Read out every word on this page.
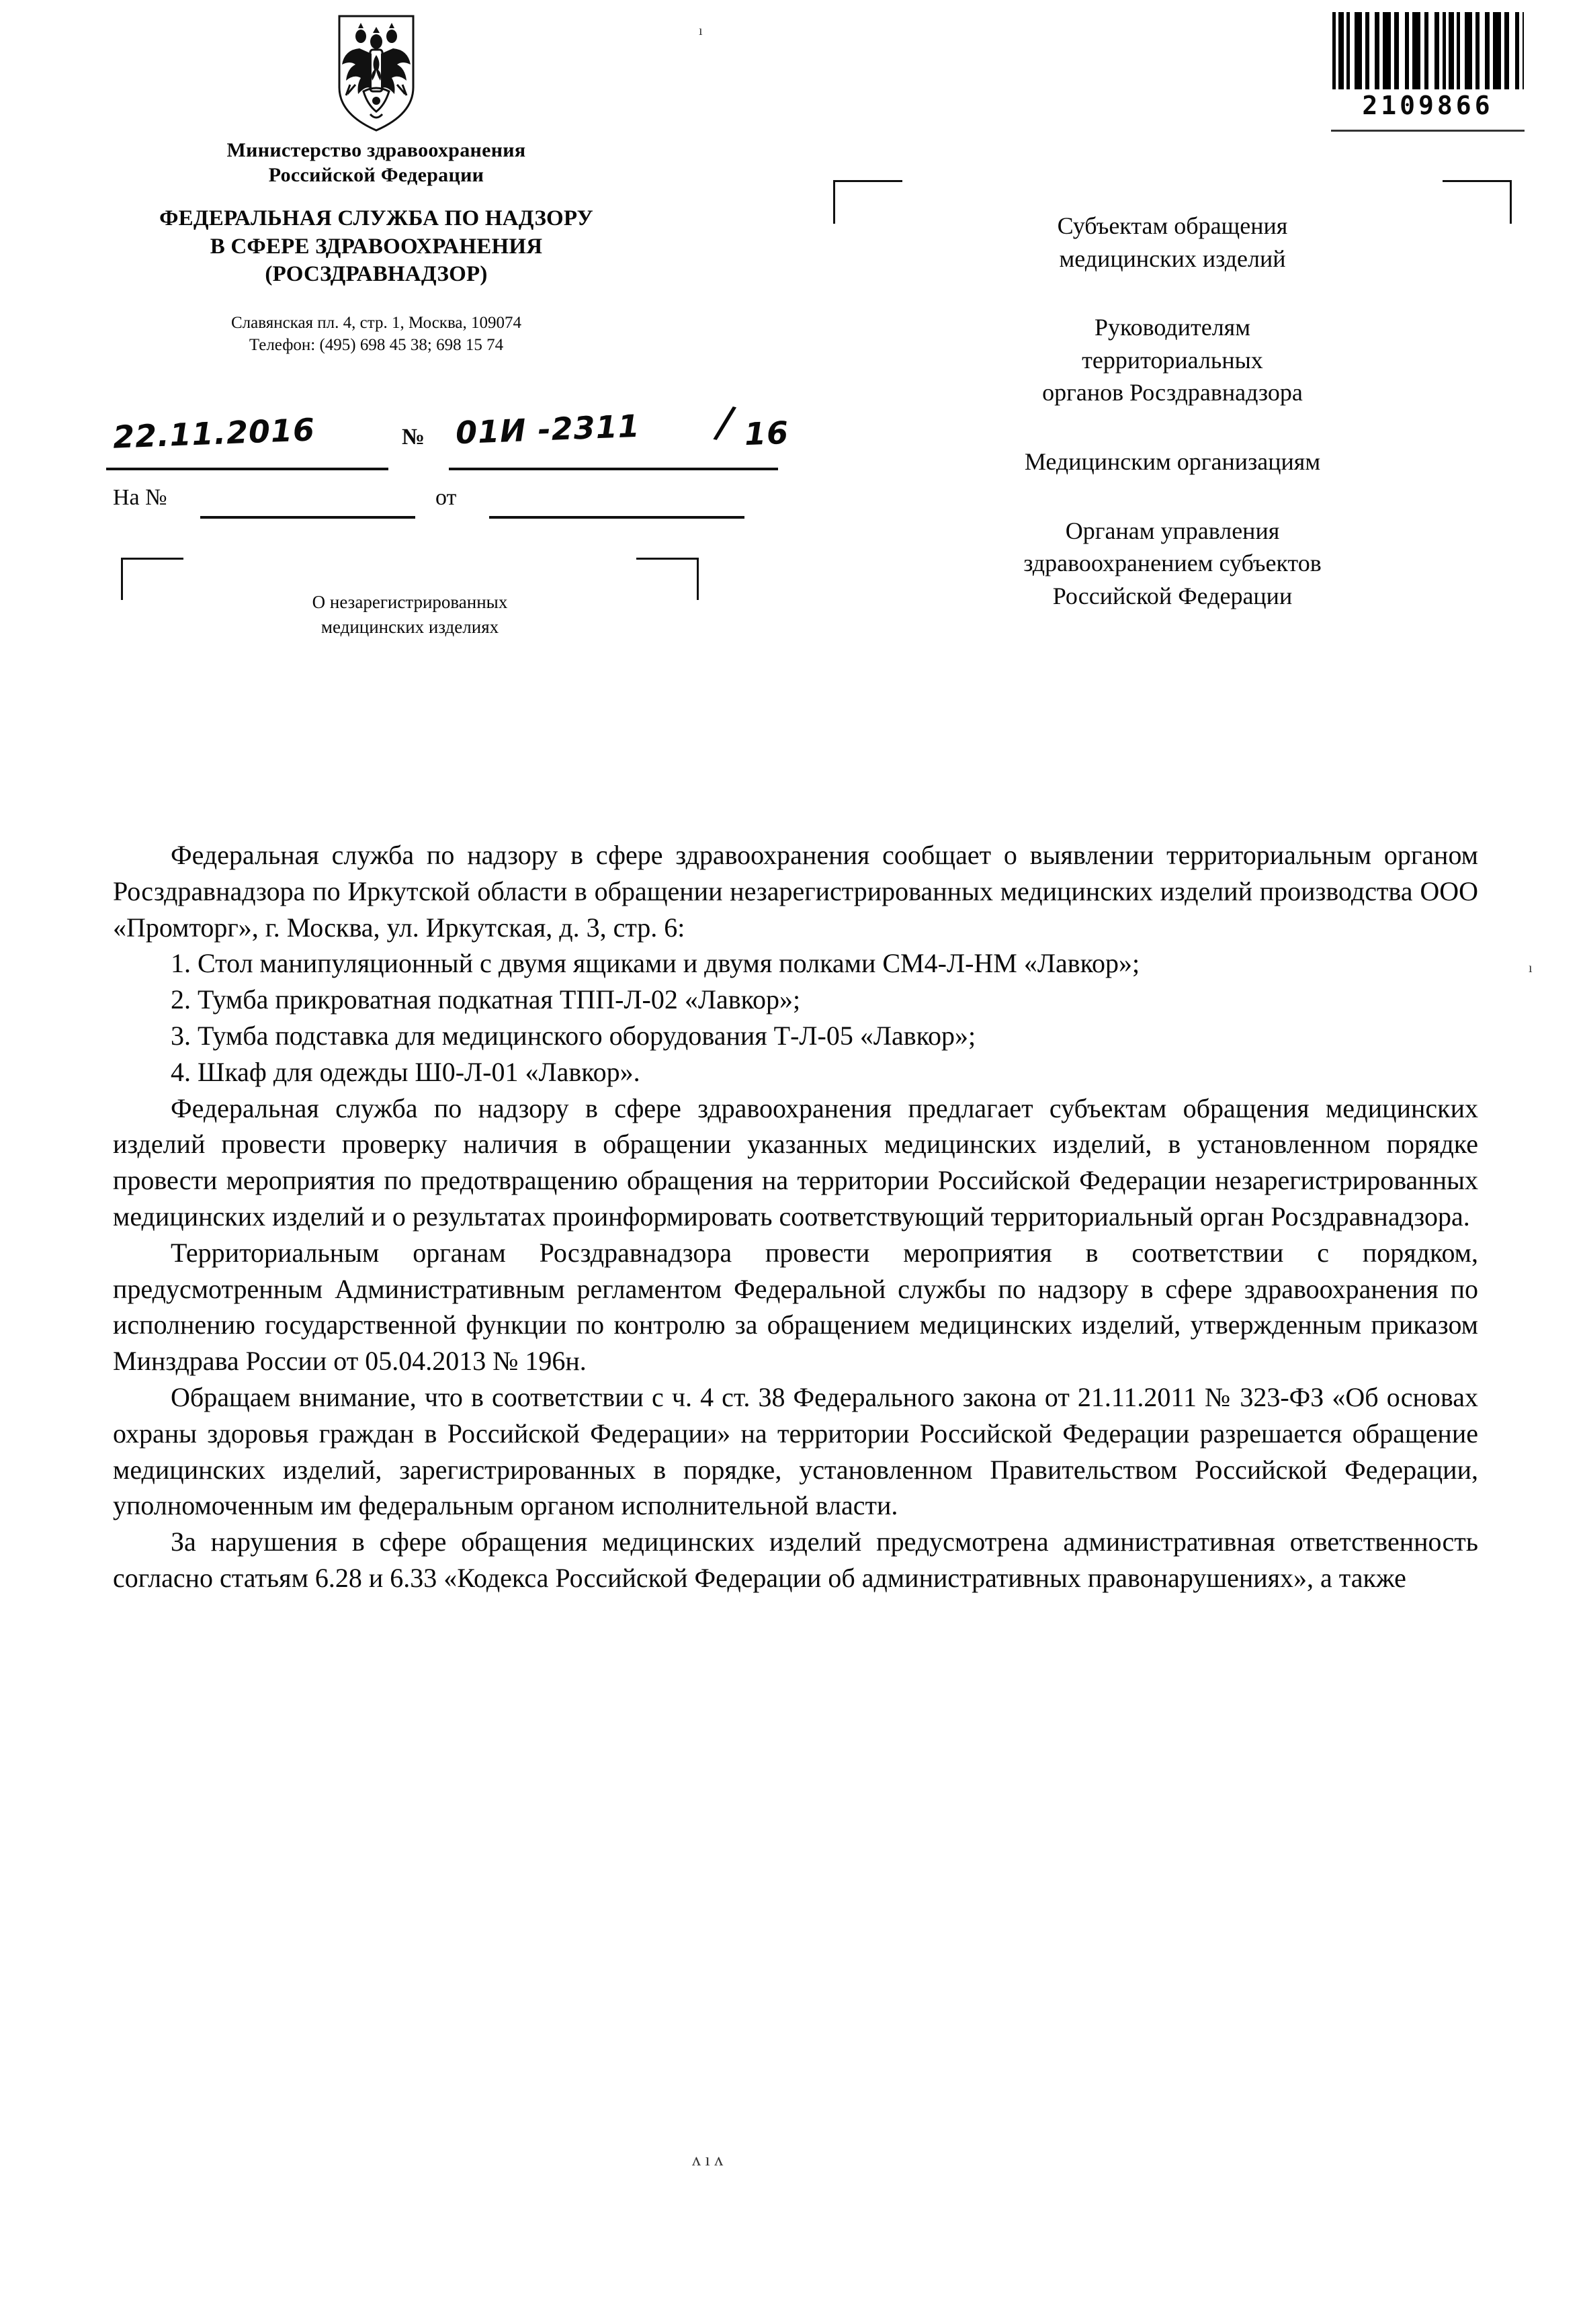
2109866
Министерство здравоохранения
Российской Федерации
ФЕДЕРАЛЬНАЯ СЛУЖБА ПО НАДЗОРУ
В СФЕРЕ ЗДРАВООХРАНЕНИЯ
(РОСЗДРАВНАДЗОР)
Славянская пл. 4, стр. 1, Москва, 109074
Телефон: (495) 698 45 38; 698 15 74
22.11.2016	№ 01И -2311 / 16
На №	от
О незарегистрированных
медицинских изделиях
Субъектам обращения
медицинских изделий
Руководителям
территориальных
органов Росздравнадзора
Медицинским организациям
Органам управления
здравоохранением субъектов
Российской Федерации

Федеральная служба по надзору в сфере здравоохранения сообщает о выявлении территориальным органом Росздравнадзора по Иркутской области в обращении незарегистрированных медицинских изделий производства ООО «Промторг», г. Москва, ул. Иркутская, д. 3, стр. 6:

1. Стол манипуляционный с двумя ящиками и двумя полками СМ4-Л-НМ «Лавкор»;

2. Тумба прикроватная подкатная ТПП-Л-02 «Лавкор»;

3. Тумба подставка для медицинского оборудования Т-Л-05 «Лавкор»;

4. Шкаф для одежды Ш0-Л-01 «Лавкор».

Федеральная служба по надзору в сфере здравоохранения предлагает субъектам обращения медицинских изделий провести проверку наличия в обращении указанных медицинских изделий, в установленном порядке провести мероприятия по предотвращению обращения на территории Российской Федерации незарегистрированных медицинских изделий и о результатах проинформировать соответствующий территориальный орган Росздравнадзора.

Территориальным органам Росздравнадзора провести мероприятия в соответствии с порядком, предусмотренным Административным регламентом Федеральной службы по надзору в сфере здравоохранения по исполнению государственной функции по контролю за обращением медицинских изделий, утвержденным приказом Минздрава России от 05.04.2013 № 196н.

Обращаем внимание, что в соответствии с ч. 4 ст. 38 Федерального закона от 21.11.2011 № 323-ФЗ «Об основах охраны здоровья граждан в Российской Федерации» на территории Российской Федерации разрешается обращение медицинских изделий, зарегистрированных в порядке, установленном Правительством Российской Федерации, уполномоченным им федеральным органом исполнительной власти.

За нарушения в сфере обращения медицинских изделий предусмотрена административная ответственность согласно статьям 6.28 и 6.33 «Кодекса Российской Федерации об административных правонарушениях», а также

ı
ı
ʌ ı ʌ
